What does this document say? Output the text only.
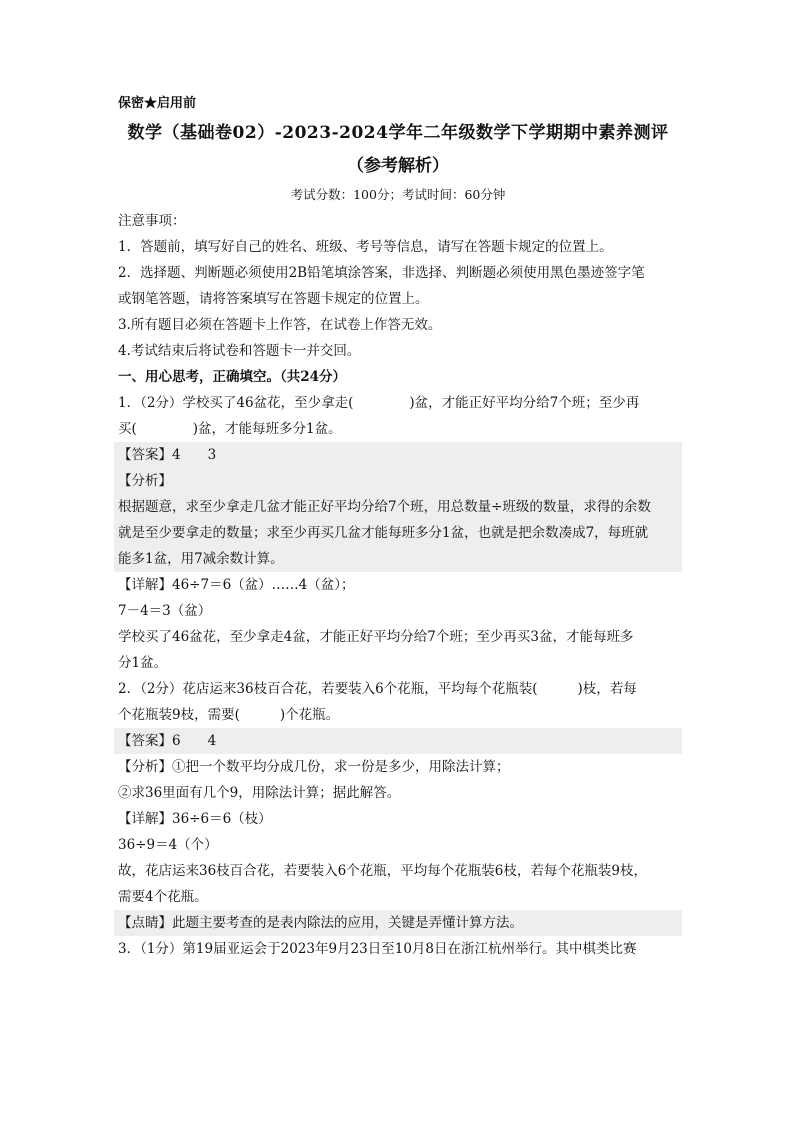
保密★启用前
数学（基础卷02）-2023-2024学年二年级数学下学期期中素养测评
（参考解析）
考试分数：100分；考试时间：60分钟
注意事项：
1．答题前，填写好自己的姓名、班级、考号等信息，请写在答题卡规定的位置上。
2．选择题、判断题必须使用2B铅笔填涂答案，非选择、判断题必须使用黑色墨迹签字笔
或钢笔答题，请将答案填写在答题卡规定的位置上。
3.所有题目必须在答题卡上作答，在试卷上作答无效。
4.考试结束后将试卷和答题卡一并交回。
一、用心思考，正确填空。（共24分）
1．（2分）学校买了46盆花，至少拿走(	)盆，才能正好平均分给7个班；至少再
买(	)盆，才能每班多分1盆。
【答案】4　　3
【分析】
根据题意，求至少拿走几盆才能正好平均分给7个班，用总数量÷班级的数量，求得的余数
就是至少要拿走的数量；求至少再买几盆才能每班多分1盆，也就是把余数凑成7，每班就
能多1盆，用7减余数计算。
【详解】46÷7＝6（盆）……4（盆）；
7－4＝3（盆）
学校买了46盆花，至少拿走4盆，才能正好平均分给7个班；至少再买3盆，才能每班多
分1盆。
2．（2分）花店运来36枝百合花，若要装入6个花瓶，平均每个花瓶装(	)枝，若每
个花瓶装9枝，需要(	)个花瓶。
【答案】6　　4
【分析】①把一个数平均分成几份，求一份是多少，用除法计算；
②求36里面有几个9，用除法计算；据此解答。
【详解】36÷6＝6（枝）
36÷9＝4（个）
故，花店运来36枝百合花，若要装入6个花瓶，平均每个花瓶装6枝，若每个花瓶装9枝，
需要4个花瓶。
【点睛】此题主要考查的是表内除法的应用，关键是弄懂计算方法。
3．（1分）第19届亚运会于2023年9月23日至10月8日在浙江杭州举行。其中棋类比赛
